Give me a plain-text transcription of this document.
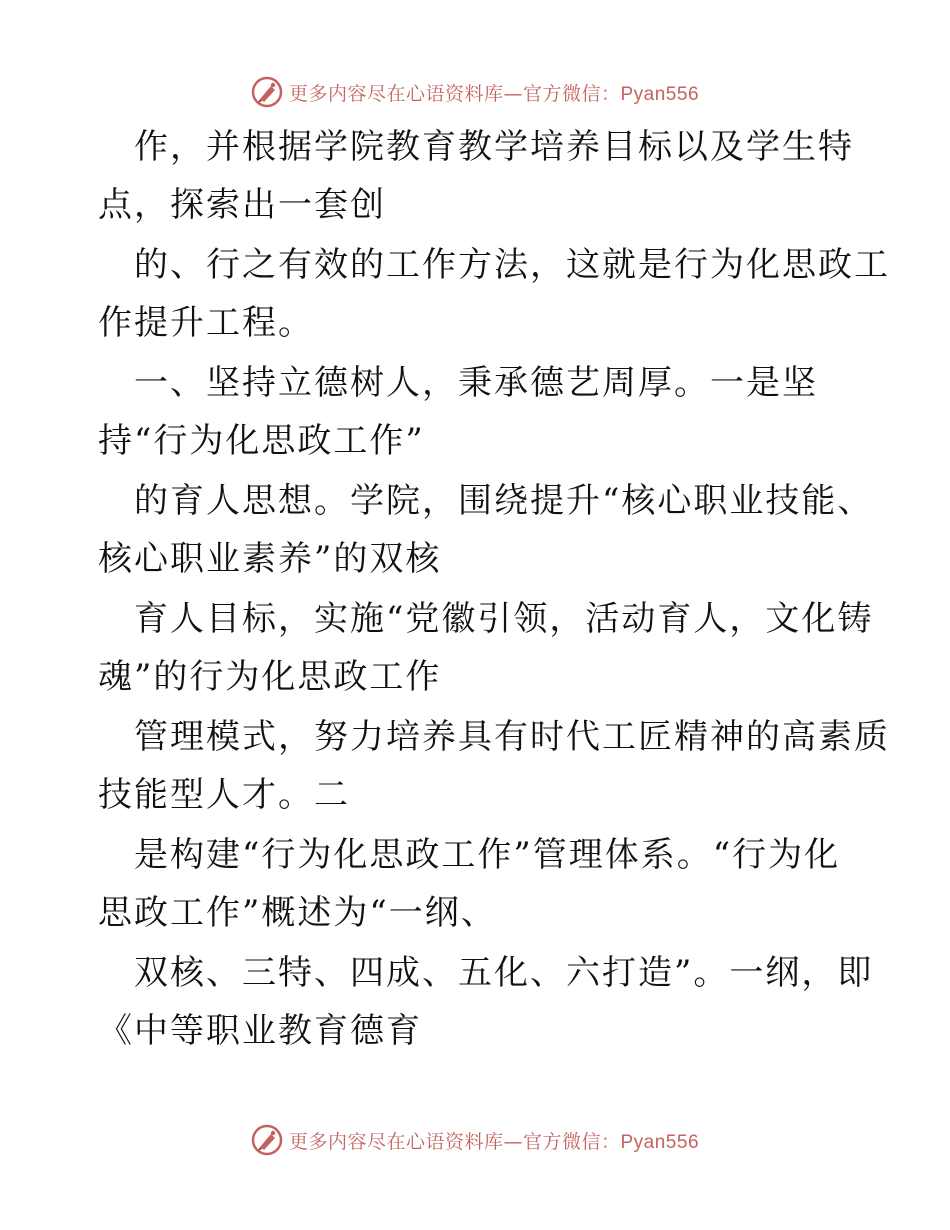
更多内容尽在心语资料库—官方微信：Pyan556
作，并根据学院教育教学培养目标以及学生特
点，探索出一套创
的、行之有效的工作方法，这就是行为化思政工
作提升工程。
一、坚持立德树人，秉承德艺周厚。一是坚
持“行为化思政工作”
的育人思想。学院，围绕提升“核心职业技能、
核心职业素养”的双核
育人目标，实施“党徽引领，活动育人，文化铸
魂”的行为化思政工作
管理模式，努力培养具有时代工匠精神的高素质
技能型人才。二
是构建“行为化思政工作”管理体系。“行为化
思政工作”概述为“一纲、
双核、三特、四成、五化、六打造”。一纲，即
《中等职业教育德育
更多内容尽在心语资料库—官方微信：Pyan556
